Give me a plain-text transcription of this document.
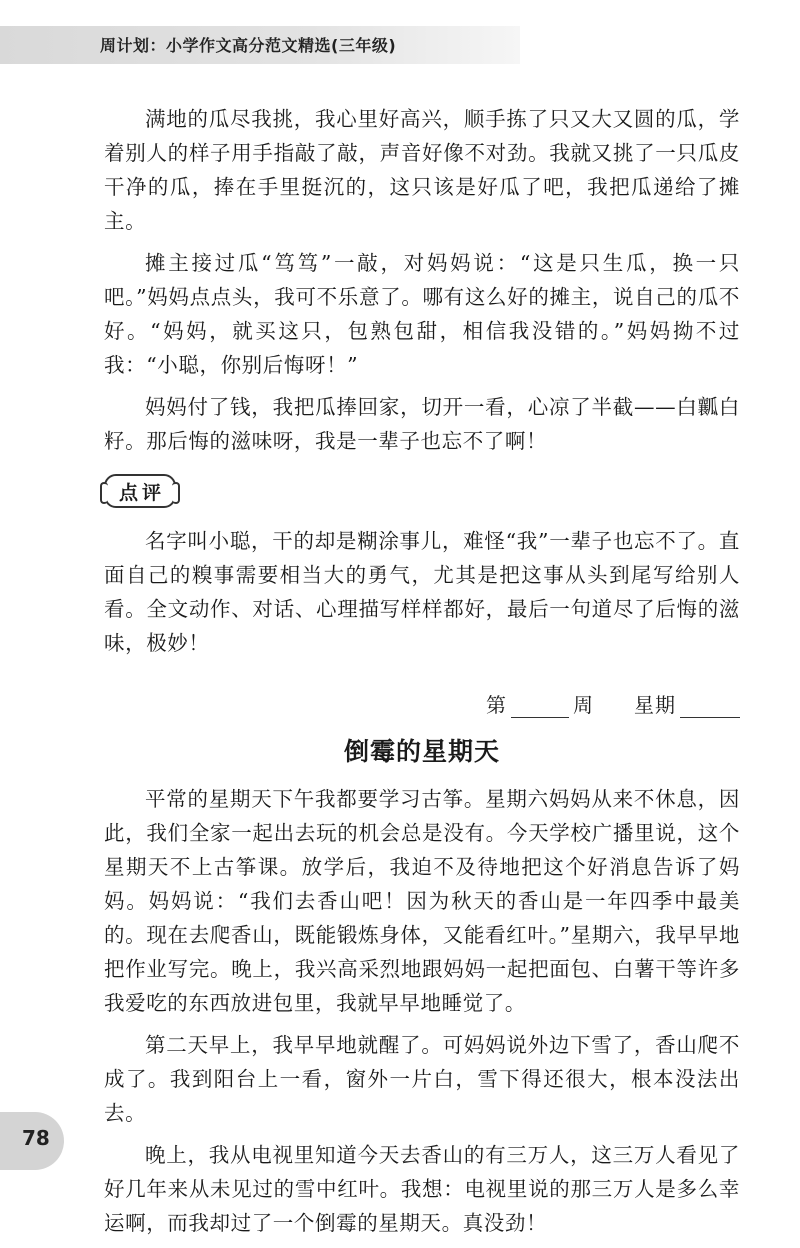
周计划：小学作文高分范文精选(三年级)

满地的瓜尽我挑，我心里好高兴，顺手拣了只又大又圆的瓜，学着别人的样子用手指敲了敲，声音好像不对劲。我就又挑了一只瓜皮干净的瓜，捧在手里挺沉的，这只该是好瓜了吧，我把瓜递给了摊主。

摊主接过瓜“笃笃”一敲，对妈妈说：“这是只生瓜，换一只吧。”妈妈点点头，我可不乐意了。哪有这么好的摊主，说自己的瓜不好。“妈妈，就买这只，包熟包甜，相信我没错的。”妈妈拗不过我：“小聪，你别后悔呀！”

妈妈付了钱，我把瓜捧回家，切开一看，心凉了半截——白瓤白籽。那后悔的滋味呀，我是一辈子也忘不了啊！

点评

名字叫小聪，干的却是糊涂事儿，难怪“我”一辈子也忘不了。直面自己的糗事需要相当大的勇气，尤其是把这事从头到尾写给别人看。全文动作、对话、心理描写样样都好，最后一句道尽了后悔的滋味，极妙！

第	周 星期
倒霉的星期天

平常的星期天下午我都要学习古筝。星期六妈妈从来不休息，因此，我们全家一起出去玩的机会总是没有。今天学校广播里说，这个星期天不上古筝课。放学后，我迫不及待地把这个好消息告诉了妈妈。妈妈说：“我们去香山吧！因为秋天的香山是一年四季中最美的。现在去爬香山，既能锻炼身体，又能看红叶。”星期六，我早早地把作业写完。晚上，我兴高采烈地跟妈妈一起把面包、白薯干等许多我爱吃的东西放进包里，我就早早地睡觉了。

第二天早上，我早早地就醒了。可妈妈说外边下雪了，香山爬不成了。我到阳台上一看，窗外一片白，雪下得还很大，根本没法出去。

晚上，我从电视里知道今天去香山的有三万人，这三万人看见了好几年来从未见过的雪中红叶。我想：电视里说的那三万人是多么幸运啊，而我却过了一个倒霉的星期天。真没劲！

78
